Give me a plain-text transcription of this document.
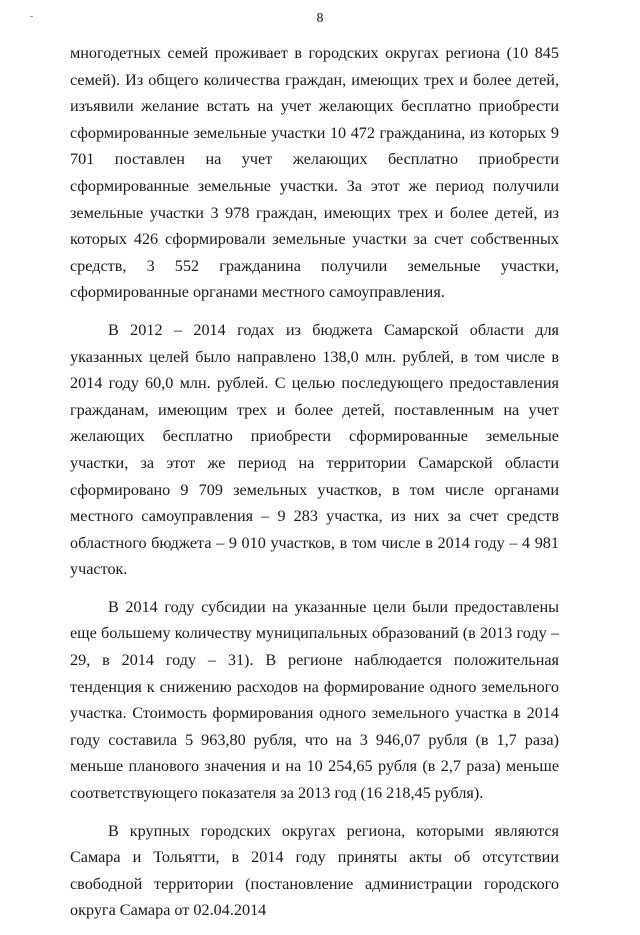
8

многодетных семей проживает в городских округах региона (10 845 семей). Из общего количества граждан, имеющих трех и более детей, изъявили желание встать на учет желающих бесплатно приобрести сформированные земельные участки 10 472 гражданина, из которых 9 701 поставлен на учет желающих бесплатно приобрести сформированные земельные участки. За этот же период получили земельные участки 3 978 граждан, имеющих трех и более детей, из которых 426 сформировали земельные участки за счет собственных средств, 3 552 гражданина получили земельные участки, сформированные органами местного самоуправления.

В 2012 – 2014 годах из бюджета Самарской области для указанных целей было направлено 138,0 млн. рублей, в том числе в 2014 году 60,0 млн. рублей. С целью последующего предоставления гражданам, имеющим трех и более детей, поставленным на учет желающих бесплатно приобрести сформированные земельные участки, за этот же период на территории Самарской области сформировано 9 709 земельных участков, в том числе органами местного самоуправления – 9 283 участка, из них за счет средств областного бюджета – 9 010 участков, в том числе в 2014 году – 4 981 участок.

В 2014 году субсидии на указанные цели были предоставлены еще большему количеству муниципальных образований (в 2013 году – 29, в 2014 году – 31). В регионе наблюдается положительная тенденция к снижению расходов на формирование одного земельного участка. Стоимость формирования одного земельного участка в 2014 году составила 5 963,80 рубля, что на 3 946,07 рубля (в 1,7 раза) меньше планового значения и на 10 254,65 рубля (в 2,7 раза) меньше соответствующего показателя за 2013 год (16 218,45 рубля).

В крупных городских округах региона, которыми являются Самара и Тольятти, в 2014 году приняты акты об отсутствии свободной территории (постановление администрации городского округа Самара от 02.04.2014
